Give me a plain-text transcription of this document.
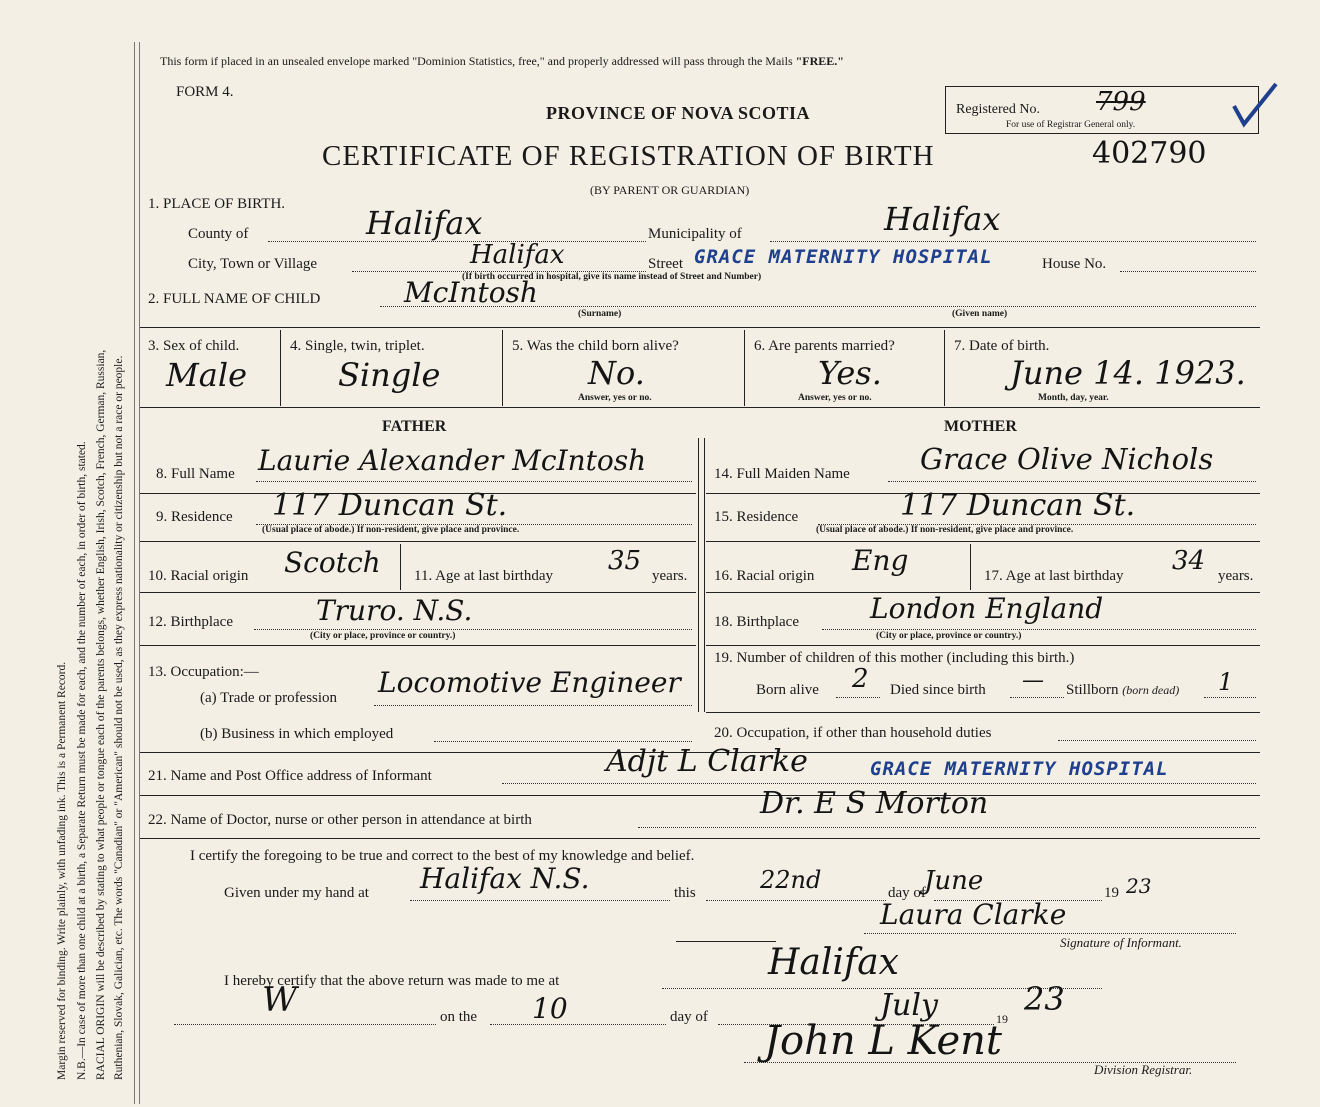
Margin reserved for binding. Write plainly, with unfading ink. This is a Permanent Record. N.B.—In case of more than one child at a birth, a Separate Return must be made for each, and the number of each, in order of birth, stated. RACIAL ORIGIN will be described by stating to what people or tongue each of the parents belongs, whether English, Irish, Scotch, French, German, Russian, Ruthenian, Slovak, Galician, etc. The words "Canadian" or "American" should not be used, as they express nationality or citizenship but not a race or people.
This form if placed in an unsealed envelope marked "Dominion Statistics, free," and properly addressed will pass through the Mails "FREE."
FORM 4.
PROVINCE OF NOVA SCOTIA	Registered No. 799
For use of Registrar General only.
CERTIFICATE OF REGISTRATION OF BIRTH	402790
(BY PARENT OR GUARDIAN)
1. PLACE OF BIRTH.
County of	Halifax	Municipality of	Halifax
City, Town or Village	Halifax	Street GRACE MATERNITY HOSPITAL	House No.
(If birth occurred in hospital, give its name instead of Street and Number)
2. FULL NAME OF CHILD	McIntosh
(Surname)	(Given name)
3. Sex of child.
Male
4. Single, twin, triplet.
Single
5. Was the child born alive?
No.
Answer, yes or no.
6. Are parents married?
Yes.
Answer, yes or no.
7. Date of birth.
June 14. 1923.
Month, day, year.
FATHER	MOTHER
8. Full Name Laurie Alexander McIntosh
9. Residence 117 Duncan St.
(Usual place of abode.) If non-resident, give place and province.
10. Racial origin Scotch 11. Age at last birthday 35 years.
12. Birthplace	Truro. N.S.
(City or place, province or country.)
13. Occupation:—
(a) Trade or profession Locomotive Engineer
(b) Business in which employed
14. Full Maiden Name Grace Olive Nichols
15. Residence	117 Duncan St.
(Usual place of abode.) If non-resident, give place and province.
16. Racial origin Eng	17. Age at last birthday 34 years.
18. Birthplace	London England
(City or place, province or country.)
19. Number of children of this mother (including this birth.)
Born alive 2 Died since birth — Stillborn (born dead) 1
20. Occupation, if other than household duties
21. Name and Post Office address of Informant	Adjt L Clarke	GRACE MATERNITY HOSPITAL
22. Name of Doctor, nurse or other person in attendance at birth	Dr. E S Morton
I certify the foregoing to be true and correct to the best of my knowledge and belief.
Given under my hand at Halifax N.S.	this	22nd	day of
June	19 23
Laura Clarke
Signature of Informant.
I hereby certify that the above return was made to me at	Halifax
W	on the 10	day of	July	19
23
John L Kent
Division Registrar.
